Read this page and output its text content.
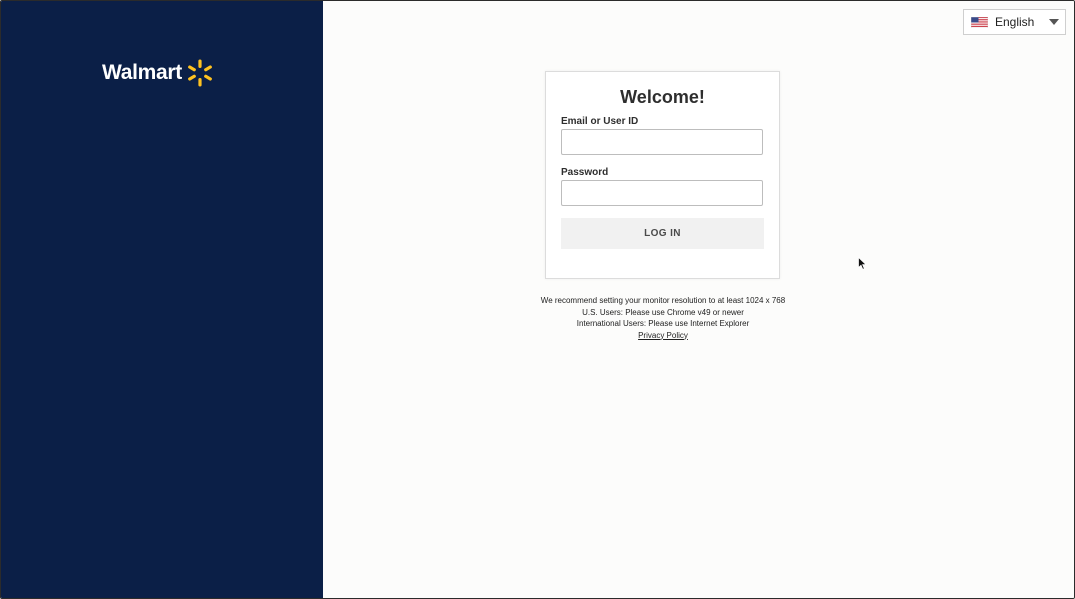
Walmart
English
Welcome!
Email or User ID
Password
LOG IN
We recommend setting your monitor resolution to at least 1024 x 768
U.S. Users: Please use Chrome v49 or newer
International Users: Please use Internet Explorer
Privacy Policy
